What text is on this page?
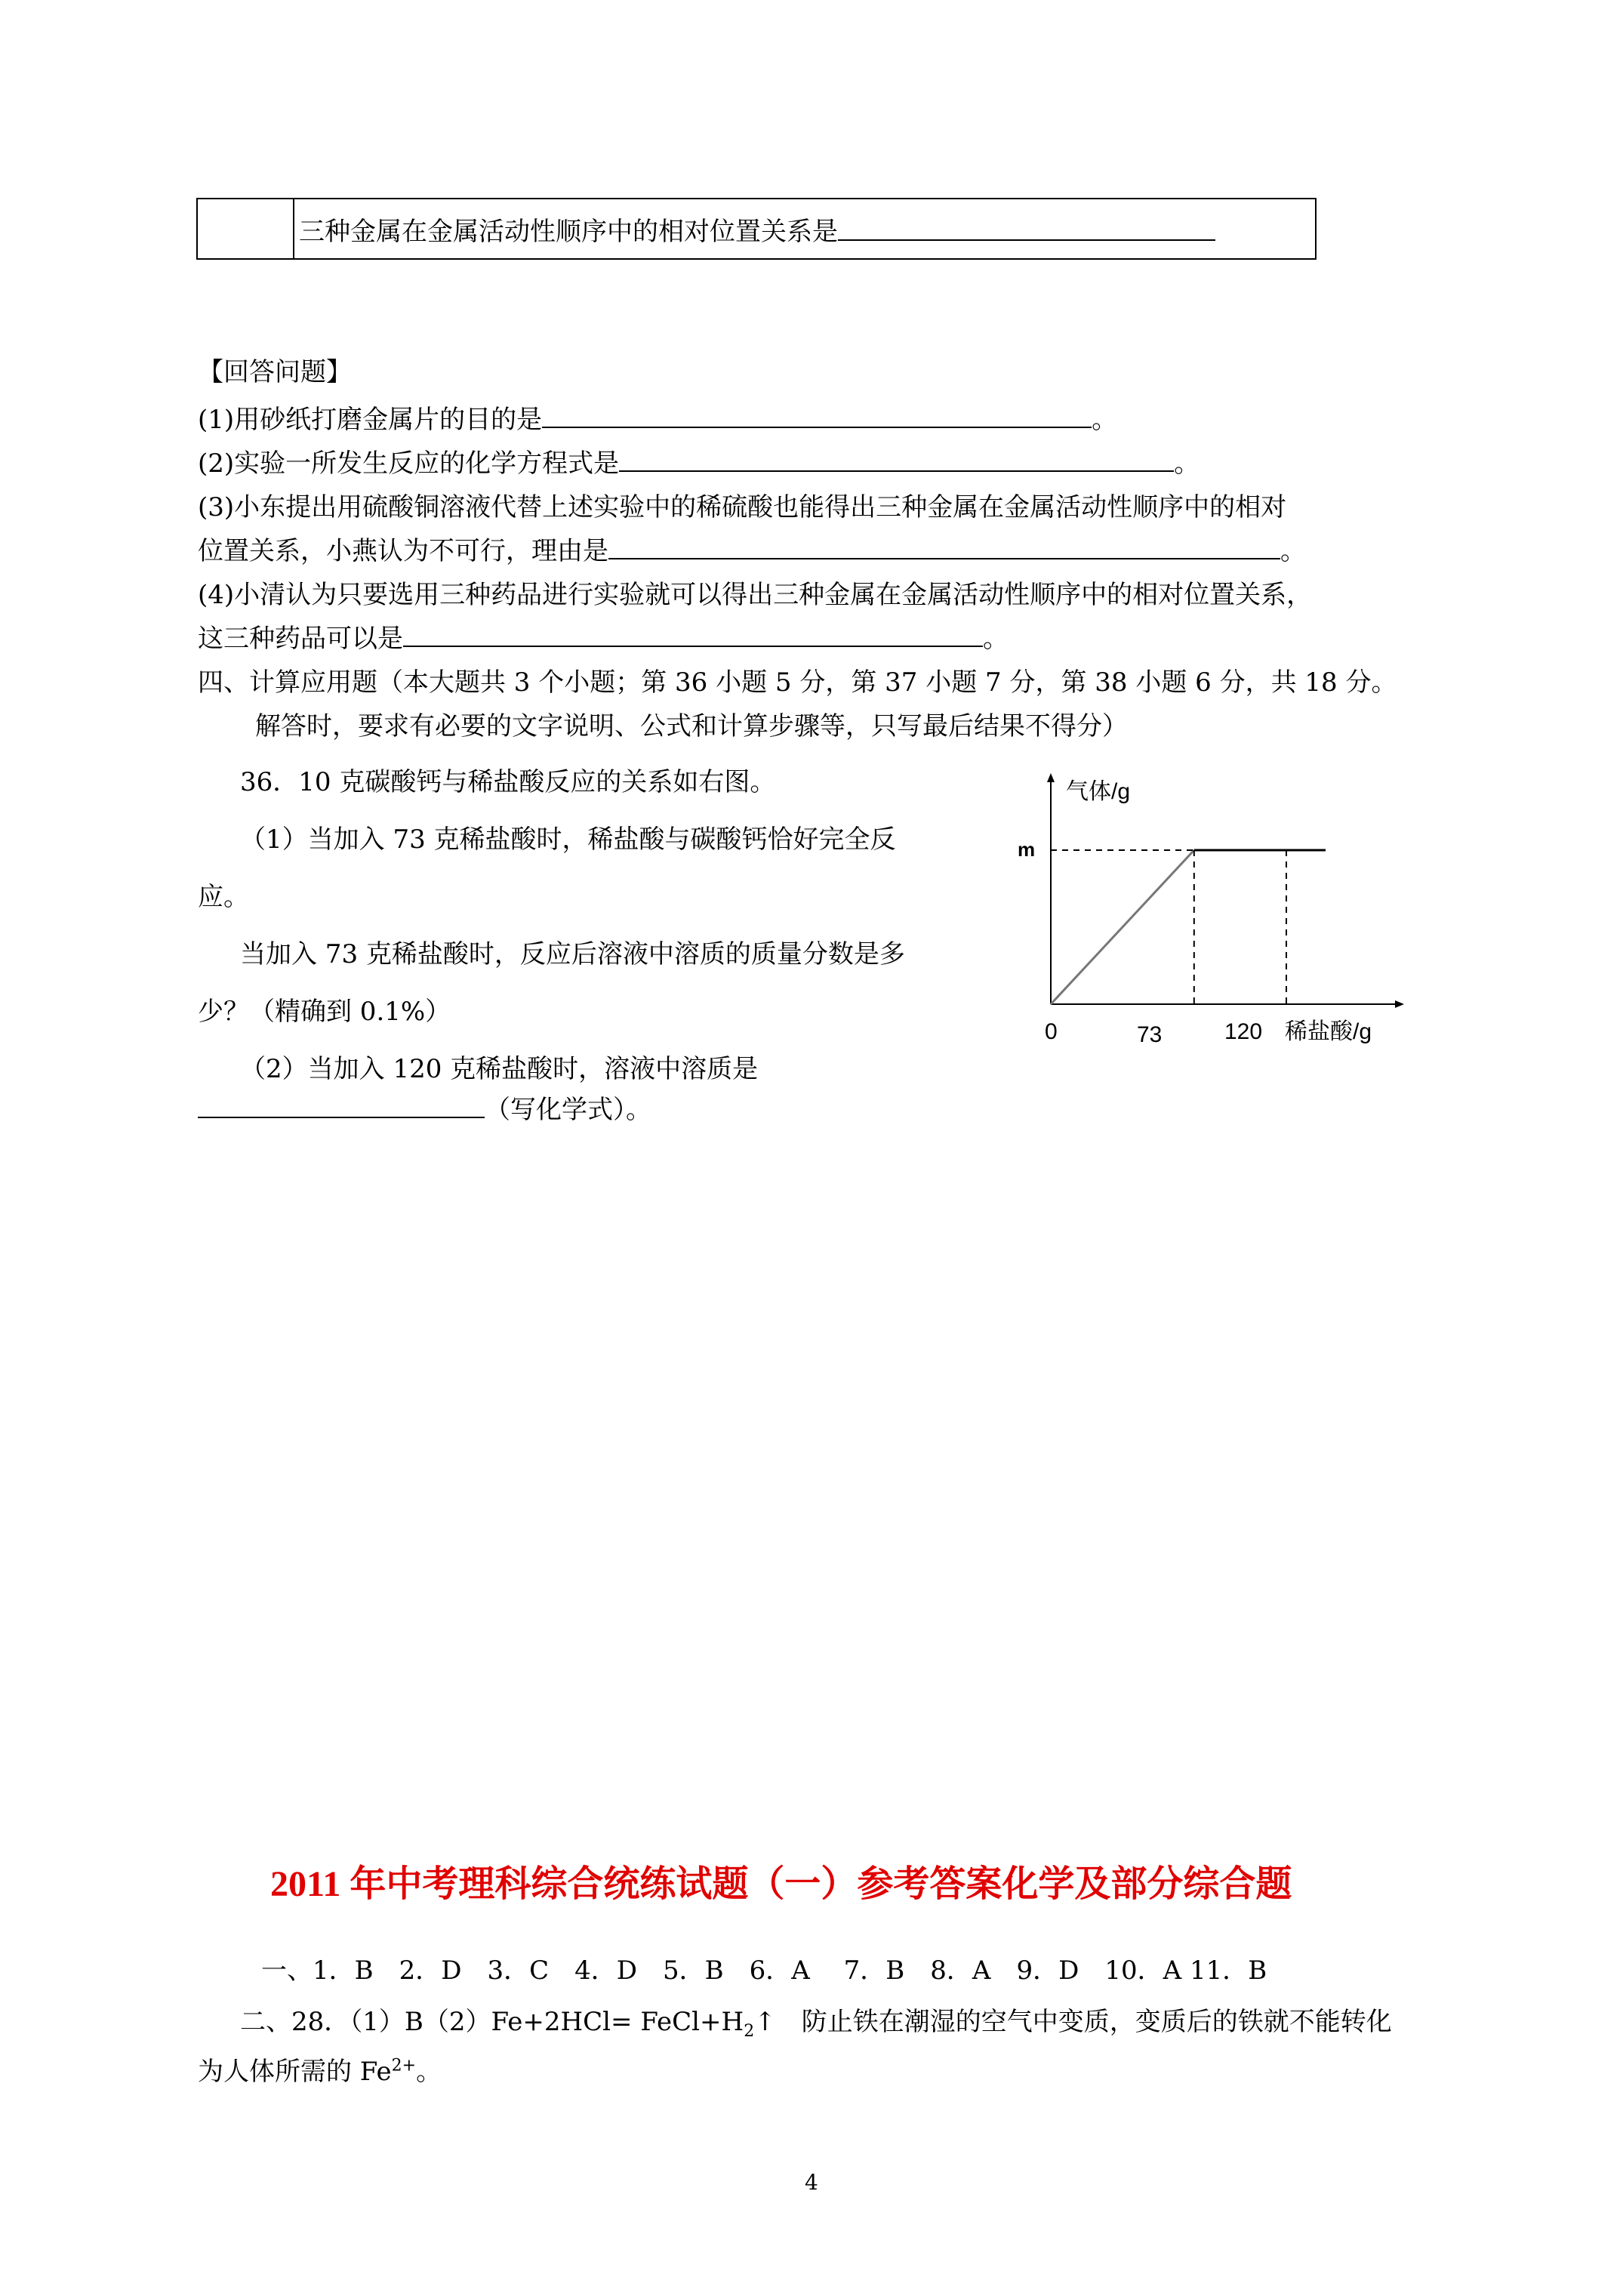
三种金属在金属活动性顺序中的相对位置关系是
【回答问题】
(1)用砂纸打磨金属片的目的是	。
(2)实验一所发生反应的化学方程式是	。
(3)小东提出用硫酸铜溶液代替上述实验中的稀硫酸也能得出三种金属在金属活动性顺序中的相对
位置关系，小燕认为不可行，理由是	。
(4)小清认为只要选用三种药品进行实验就可以得出三种金属在金属活动性顺序中的相对位置关系，
这三种药品可以是	。
四、计算应用题（本大题共 3 个小题；第 36 小题 5 分，第 37 小题 7 分，第 38 小题 6 分，共 18 分。
解答时，要求有必要的文字说明、公式和计算步骤等，只写最后结果不得分）
36．10 克碳酸钙与稀盐酸反应的关系如右图。
（1）当加入 73 克稀盐酸时，稀盐酸与碳酸钙恰好完全反
应。
当加入 73 克稀盐酸时，反应后溶液中溶质的质量分数是多
少？（精确到 0.1%）
（2）当加入 120 克稀盐酸时，溶液中溶质是
（写化学式）。
气体/g
稀盐酸/g
m
0	73	120
2011 年中考理科综合统练试题（一）参考答案化学及部分综合题
一、1．B　2．D　3．C　4．D　5．B　6．A　 7．B　8．A　9．D　10．A 11．B
二、28．$(1)B(2)Fe+2HCl= FeCl+H_2↑$　防止铁在潮湿的空气中变质，变质后的铁就不能转化
为人体所需的 $Fe^{2+}$。
4
